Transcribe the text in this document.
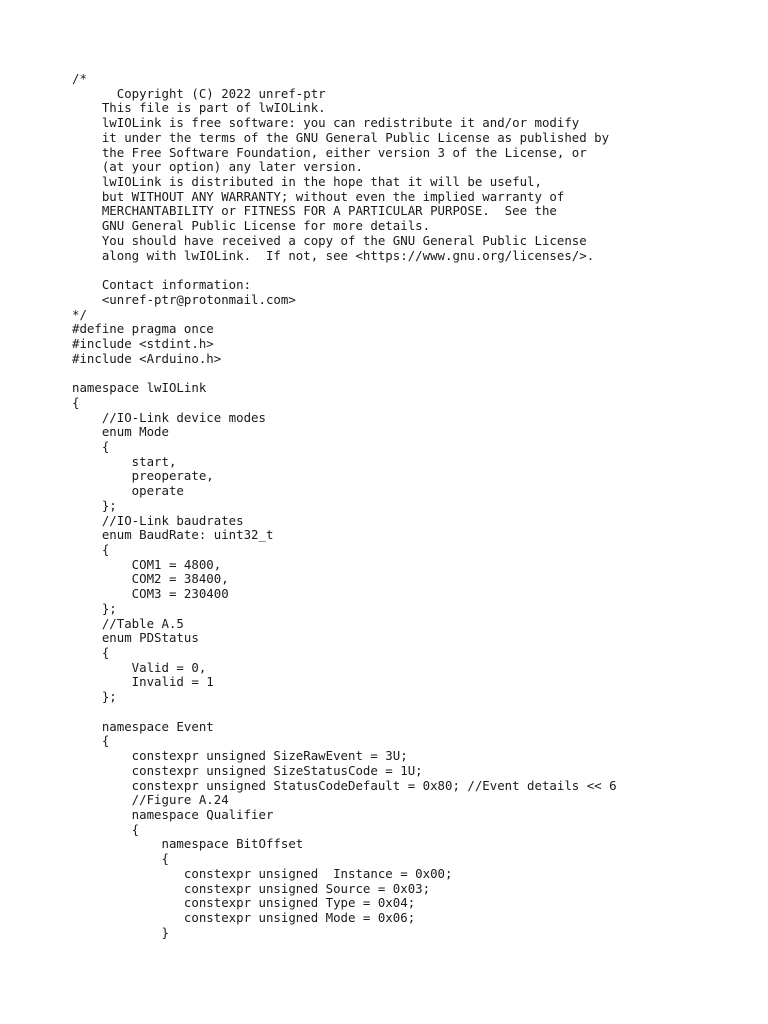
/*
Copyright (C) 2022 unref-ptr
This file is part of lwIOLink.
lwIOLink is free software: you can redistribute it and/or modify
it under the terms of the GNU General Public License as published by
the Free Software Foundation, either version 3 of the License, or
(at your option) any later version.
lwIOLink is distributed in the hope that it will be useful,
but WITHOUT ANY WARRANTY; without even the implied warranty of
MERCHANTABILITY or FITNESS FOR A PARTICULAR PURPOSE.  See the
GNU General Public License for more details.
You should have received a copy of the GNU General Public License
along with lwIOLink.  If not, see <https://www.gnu.org/licenses/>.
Contact information:
<unref-ptr@protonmail.com>
*/
#define pragma once
#include <stdint.h>
#include <Arduino.h>
namespace lwIOLink
{
//IO-Link device modes
enum Mode
{
start,
preoperate,
operate
};
//IO-Link baudrates
enum BaudRate: uint32_t
{
COM1 = 4800,
COM2 = 38400,
COM3 = 230400
};
//Table A.5
enum PDStatus
{
Valid = 0,
Invalid = 1
};
namespace Event
{
constexpr unsigned SizeRawEvent = 3U;
constexpr unsigned SizeStatusCode = 1U;
constexpr unsigned StatusCodeDefault = 0x80; //Event details << 6
//Figure A.24
namespace Qualifier
{
namespace BitOffset
{
constexpr unsigned  Instance = 0x00;
constexpr unsigned Source = 0x03;
constexpr unsigned Type = 0x04;
constexpr unsigned Mode = 0x06;
}
